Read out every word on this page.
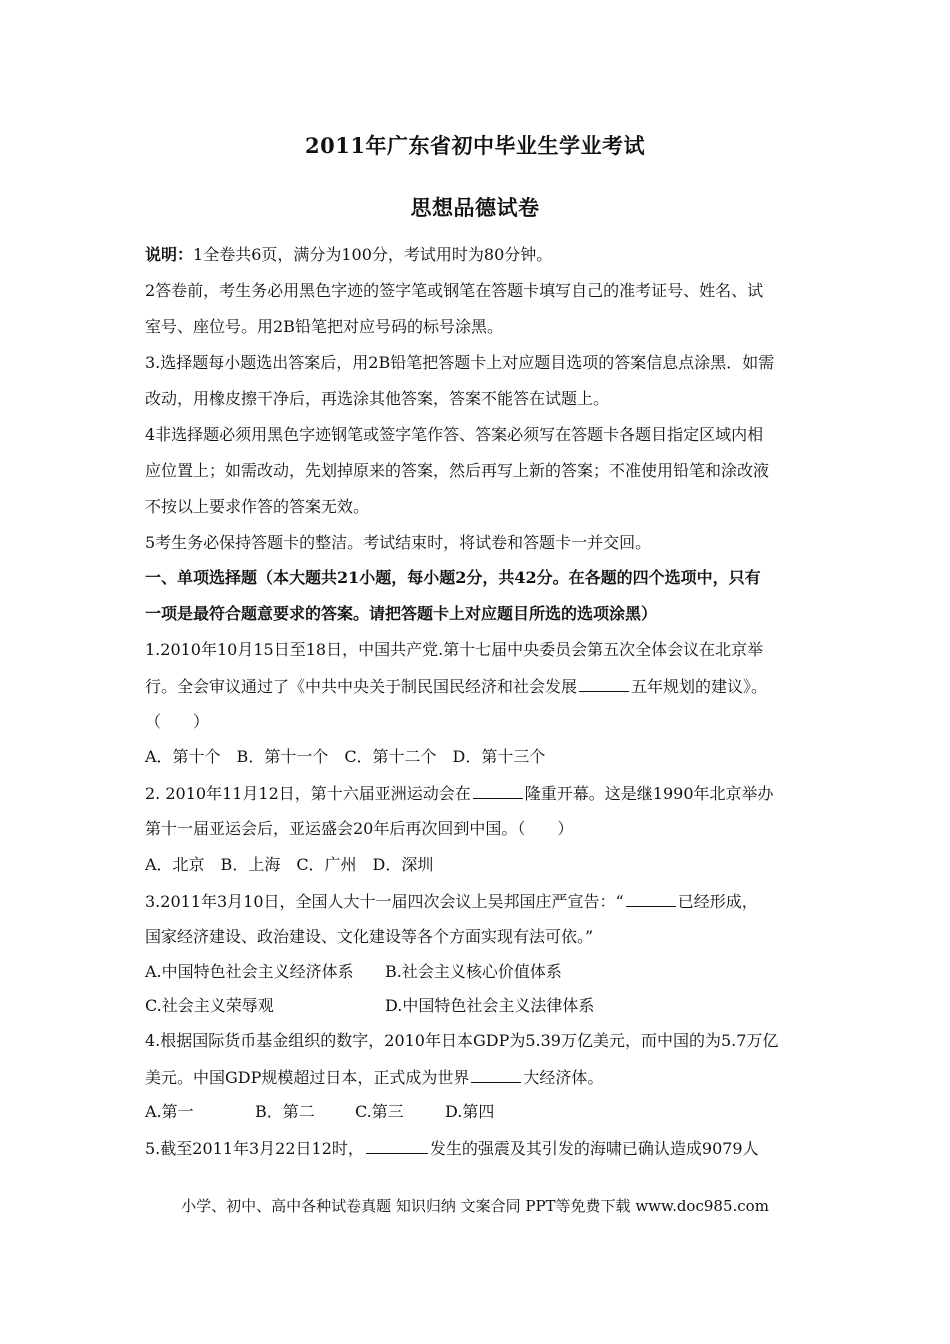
2011年广东省初中毕业生学业考试
思想品德试卷
说明：1全卷共6页，满分为100分，考试用时为80分钟。
2答卷前，考生务必用黑色字迹的签字笔或钢笔在答题卡填写自己的准考证号、姓名、试
室号、座位号。用2B铅笔把对应号码的标号涂黑。
3.选择题每小题选出答案后，用2B铅笔把答题卡上对应题目选项的答案信息点涂黑．如需
改动，用橡皮擦干净后，再选涂其他答案，答案不能答在试题上。
4非选择题必须用黑色字迹钢笔或签字笔作答、答案必须写在答题卡各题目指定区域内相
应位置上；如需改动，先划掉原来的答案，然后再写上新的答案；不准使用铅笔和涂改液
不按以上要求作答的答案无效。
5考生务必保持答题卡的整洁。考试结束时，将试卷和答题卡一并交回。
一、单项选择题（本大题共21小题，每小题2分，共42分。在各题的四个选项中，只有
一项是最符合题意要求的答案。请把答题卡上对应题目所选的选项涂黑）
1.2010年10月15日至18日，中国共产党.第十七届中央委员会第五次全体会议在北京举
行。全会审议通过了《中共中央关于制民国民经济和社会发展	五年规划的建议》。
（　　）
A．第十个　B．第十一个　C．第十二个　D．第十三个
2. 2010年11月12日，第十六届亚洲运动会在	隆重开幕。这是继1990年北京举办
第十一届亚运会后，亚运盛会20年后再次回到中国。（　　）
A．北京　B．上海　C．广州　D．深圳
3.2011年3月10日，全国人大十一届四次会议上吴邦国庄严宣告：“	已经形成，
国家经济建设、政治建设、文化建设等各个方面实现有法可依。”
A.中国特色社会主义经济体系 B.社会主义核心价值体系
C.社会主义荣辱观	D.中国特色社会主义法律体系
4.根据国际货币基金组织的数字，2010年日本GDP为5.39万亿美元，而中国的为5.7万亿
美元。中国GDP规模超过日本，正式成为世界	大经济体。
A.第一	B．第二	C.第三	D.第四
5.截至2011年3月22日12时，	发生的强震及其引发的海啸已确认造成9079人
小学、初中、高中各种试卷真题 知识归纳 文案合同 PPT等免费下载 www.doc985.com
